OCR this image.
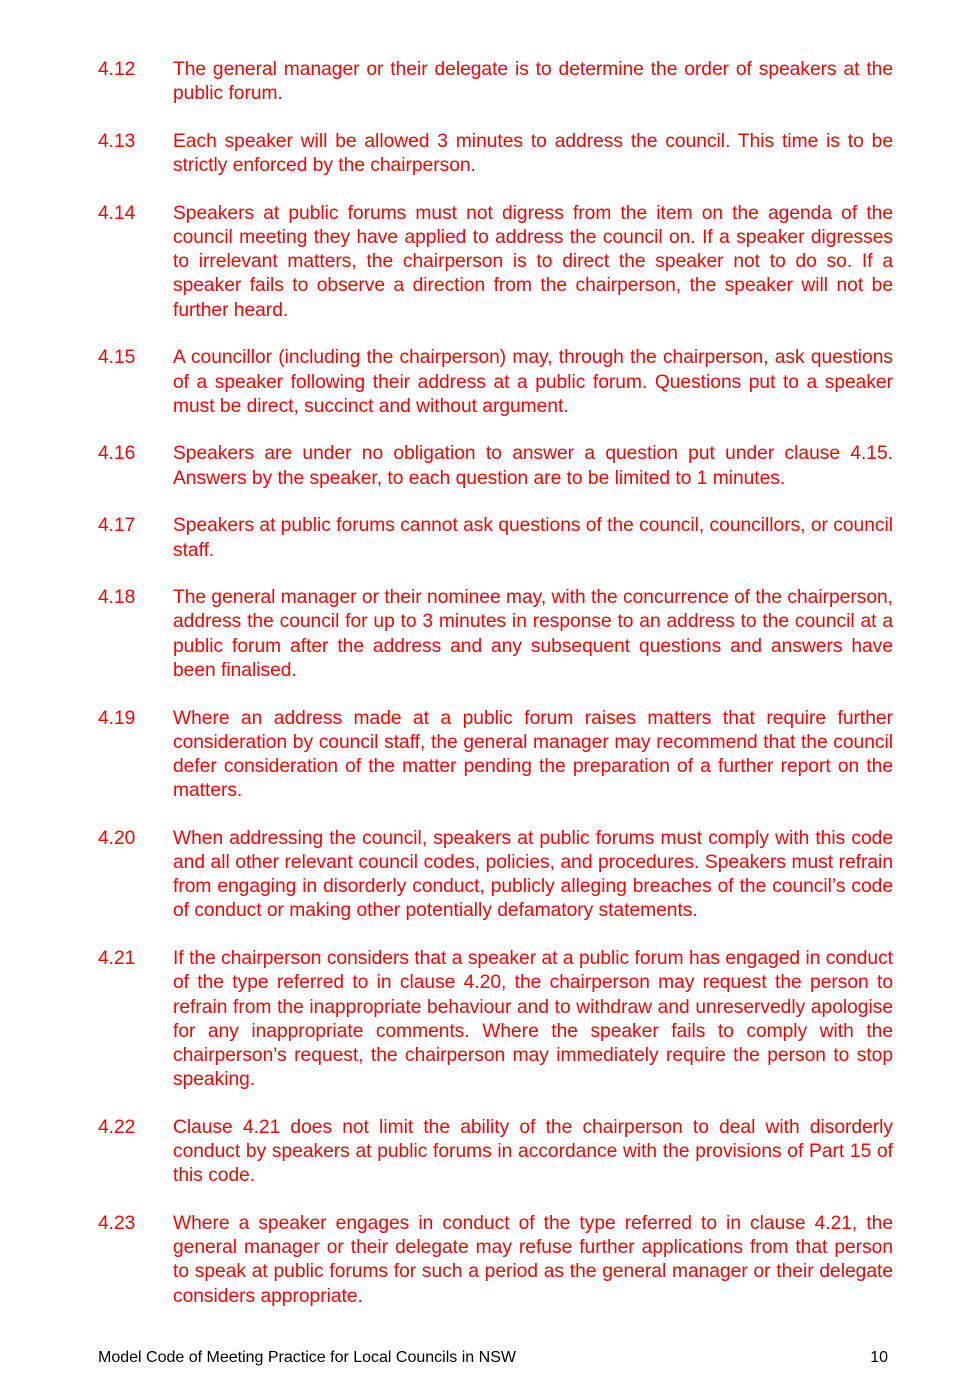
4.12	The general manager or their delegate is to determine the order of speakers at the public forum.
4.13	Each speaker will be allowed 3 minutes to address the council. This time is to be strictly enforced by the chairperson.
4.14	Speakers at public forums must not digress from the item on the agenda of the council meeting they have applied to address the council on. If a speaker digresses to irrelevant matters, the chairperson is to direct the speaker not to do so. If a speaker fails to observe a direction from the chairperson, the speaker will not be further heard.
4.15	A councillor (including the chairperson) may, through the chairperson, ask questions of a speaker following their address at a public forum. Questions put to a speaker must be direct, succinct and without argument.
4.16	Speakers are under no obligation to answer a question put under clause 4.15. Answers by the speaker, to each question are to be limited to 1 minutes.
4.17	Speakers at public forums cannot ask questions of the council, councillors, or council staff.
4.18	The general manager or their nominee may, with the concurrence of the chairperson, address the council for up to 3 minutes in response to an address to the council at a public forum after the address and any subsequent questions and answers have been finalised.
4.19	Where an address made at a public forum raises matters that require further consideration by council staff, the general manager may recommend that the council defer consideration of the matter pending the preparation of a further report on the matters.
4.20	When addressing the council, speakers at public forums must comply with this code and all other relevant council codes, policies, and procedures. Speakers must refrain from engaging in disorderly conduct, publicly alleging breaches of the council’s code of conduct or making other potentially defamatory statements.
4.21	If the chairperson considers that a speaker at a public forum has engaged in conduct of the type referred to in clause 4.20, the chairperson may request the person to refrain from the inappropriate behaviour and to withdraw and unreservedly apologise for any inappropriate comments. Where the speaker fails to comply with the chairperson’s request, the chairperson may immediately require the person to stop speaking.
4.22	Clause 4.21 does not limit the ability of the chairperson to deal with disorderly conduct by speakers at public forums in accordance with the provisions of Part 15 of this code.
4.23	Where a speaker engages in conduct of the type referred to in clause 4.21, the general manager or their delegate may refuse further applications from that person to speak at public forums for such a period as the general manager or their delegate considers appropriate.
Model Code of Meeting Practice for Local Councils in NSW	10
